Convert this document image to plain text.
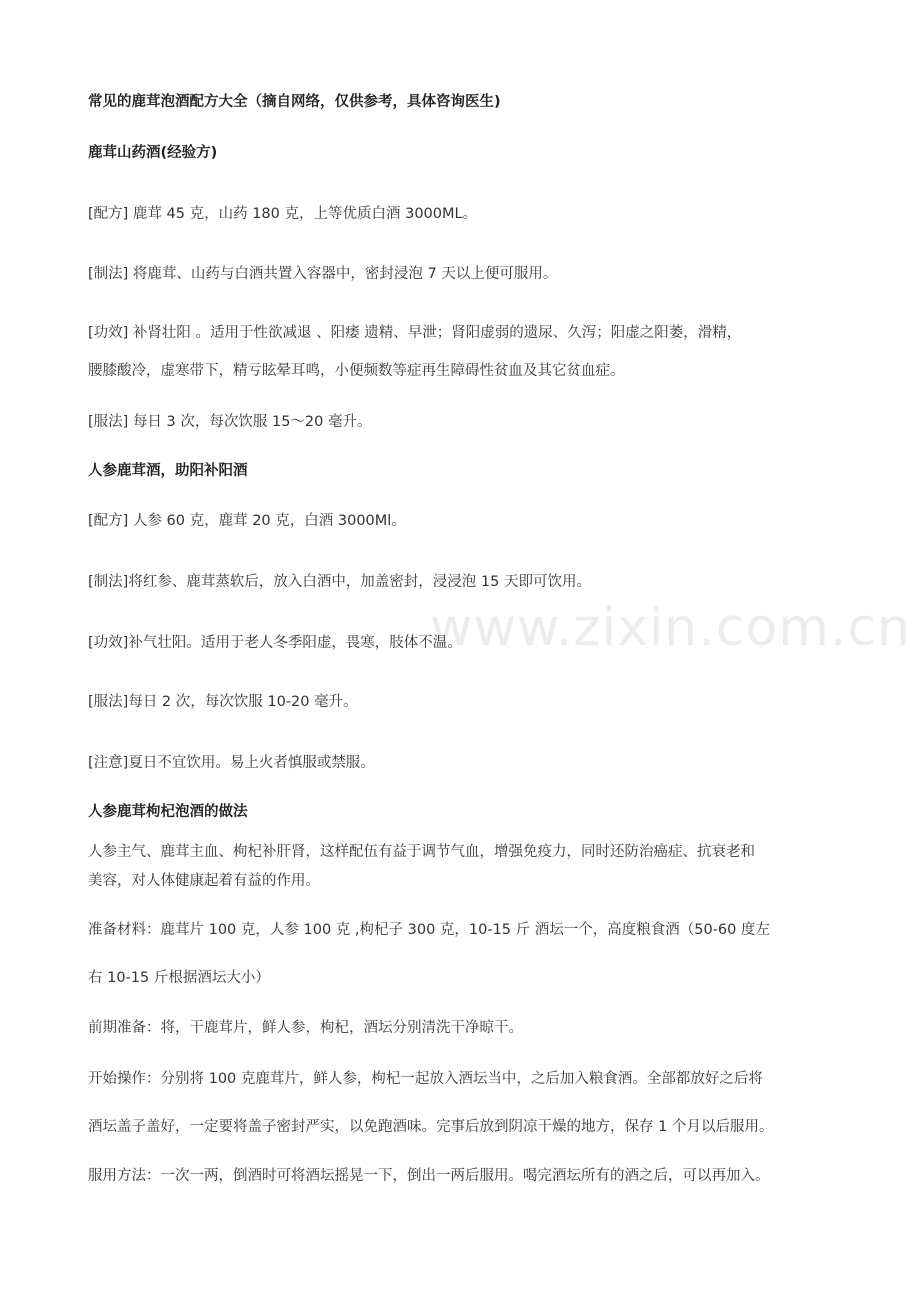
常见的鹿茸泡酒配方大全（摘自网络，仅供参考，具体咨询医生)
鹿茸山药酒(经验方)
[配方] 鹿茸 45 克，山药 180 克，上等优质白酒 3000ML。
[制法] 将鹿茸、山药与白酒共置入容器中，密封浸泡 7 天以上便可服用。
[功效] 补肾壮阳 。适用于性欲减退 、阳痿 遗精、早泄；肾阳虚弱的遗尿、久泻；阳虚之阳萎，滑精，
腰膝酸冷，虚寒带下，精亏眩晕耳鸣，小便频数等症再生障碍性贫血及其它贫血症。
[服法] 每日 3 次，每次饮服 15～20 毫升。
人参鹿茸酒，助阳补阳酒
[配方] 人参 60 克，鹿茸 20 克，白酒 3000Ml。
[制法]将红参、鹿茸蒸软后，放入白酒中，加盖密封，浸浸泡 15 天即可饮用。
[功效]补气壮阳。适用于老人冬季阳虚，畏寒，肢体不温。
[服法]每日 2 次，每次饮服 10-20 毫升。
[注意]夏日不宜饮用。易上火者慎服或禁服。
人参鹿茸枸杞泡酒的做法
人参主气、鹿茸主血、枸杞补肝肾，这样配伍有益于调节气血，增强免疫力，同时还防治癌症、抗衰老和
美容，对人体健康起着有益的作用。
准备材料：鹿茸片 100 克，人参 100 克 ,枸杞子 300 克，10-15 斤 酒坛一个，高度粮食酒（50-60 度左
右 10-15 斤根据酒坛大小）
前期准备：将，干鹿茸片，鲜人参，枸杞，酒坛分别清洗干净晾干。
开始操作：分别将 100 克鹿茸片，鲜人参，枸杞一起放入酒坛当中，之后加入粮食酒。全部都放好之后将
酒坛盖子盖好，一定要将盖子密封严实，以免跑酒味。完事后放到阴凉干燥的地方，保存 1 个月以后服用。
服用方法：一次一两，倒酒时可将酒坛摇晃一下，倒出一两后服用。喝完酒坛所有的酒之后，可以再加入。
www.zixin.com.cn
